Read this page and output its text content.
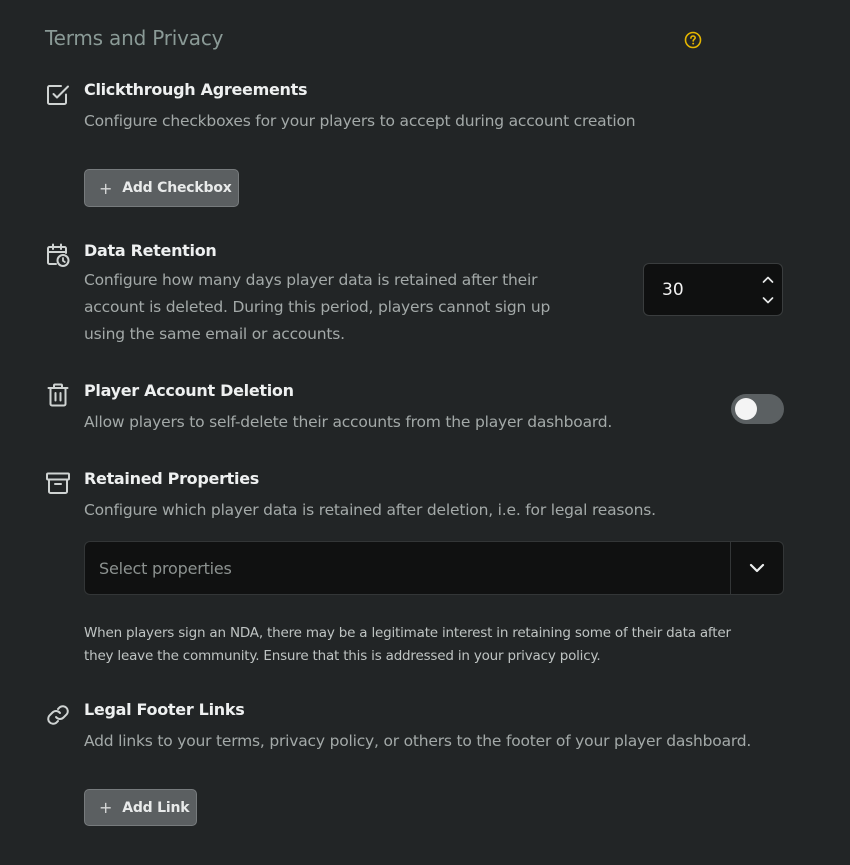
Terms and Privacy
Clickthrough Agreements
Configure checkboxes for your players to accept during account creation
+ Add Checkbox
Data Retention
Configure how many days player data is retained after their
account is deleted. During this period, players cannot sign up
using the same email or accounts.
30
Player Account Deletion
Allow players to self-delete their accounts from the player dashboard.
Retained Properties
Configure which player data is retained after deletion, i.e. for legal reasons.
Select properties
When players sign an NDA, there may be a legitimate interest in retaining some of their data after
they leave the community. Ensure that this is addressed in your privacy policy.
Legal Footer Links
Add links to your terms, privacy policy, or others to the footer of your player dashboard.
+ Add Link
